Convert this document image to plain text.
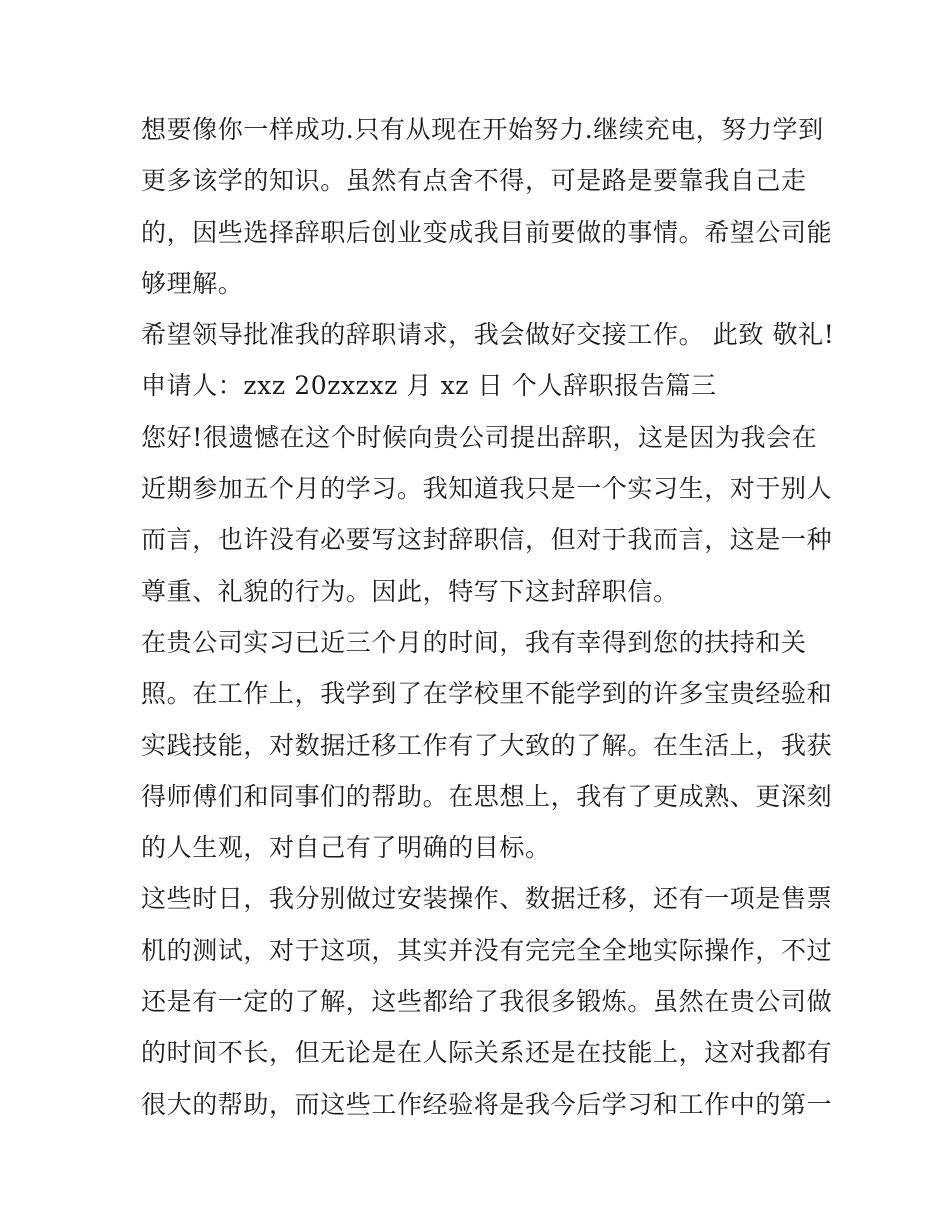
想要像你一样成功.只有从现在开始努力.继续充电，努力学到
更多该学的知识。虽然有点舍不得，可是路是要靠我自己走
的，因些选择辞职后创业变成我目前要做的事情。希望公司能
够理解。
希望领导批准我的辞职请求，我会做好交接工作。 此致 敬礼!
申请人：zxz 20zxzxz 月 xz 日 个人辞职报告篇三
您好!很遗憾在这个时候向贵公司提出辞职，这是因为我会在
近期参加五个月的学习。我知道我只是一个实习生，对于别人
而言，也许没有必要写这封辞职信，但对于我而言，这是一种
尊重、礼貌的行为。因此，特写下这封辞职信。
在贵公司实习已近三个月的时间，我有幸得到您的扶持和关
照。在工作上，我学到了在学校里不能学到的许多宝贵经验和
实践技能，对数据迁移工作有了大致的了解。在生活上，我获
得师傅们和同事们的帮助。在思想上，我有了更成熟、更深刻
的人生观，对自己有了明确的目标。
这些时日，我分别做过安装操作、数据迁移，还有一项是售票
机的测试，对于这项，其实并没有完完全全地实际操作，不过
还是有一定的了解，这些都给了我很多锻炼。虽然在贵公司做
的时间不长，但无论是在人际关系还是在技能上，这对我都有
很大的帮助，而这些工作经验将是我今后学习和工作中的第一
